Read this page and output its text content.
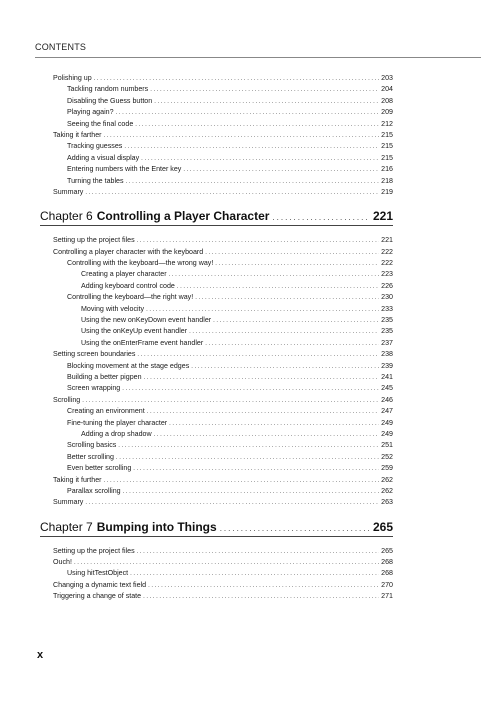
CONTENTS
Polishing up .....	203
Tackling random numbers .....	204
Disabling the Guess button .....	208
Playing again? .....	209
Seeing the final code .....	212
Taking it farther .....	215
Tracking guesses .....	215
Adding a visual display .....	215
Entering numbers with the Enter key .....	216
Turning the tables .....	218
Summary .....	219
Chapter 6 Controlling a Player Character .....	221
Setting up the project files .....	221
Controlling a player character with the keyboard .....	222
Controlling with the keyboard—the wrong way! .....	222
Creating a player character .....	223
Adding keyboard control code .....	226
Controlling the keyboard—the right way! .....	230
Moving with velocity .....	233
Using the new onKeyDown event handler .....	235
Using the onKeyUp event handler .....	235
Using the onEnterFrame event handler .....	237
Setting screen boundaries .....	238
Blocking movement at the stage edges .....	239
Building a better pigpen .....	241
Screen wrapping .....	245
Scrolling .....	246
Creating an environment .....	247
Fine-tuning the player character .....	249
Adding a drop shadow .....	249
Scrolling basics .....	251
Better scrolling .....	252
Even better scrolling .....	259
Taking it further .....	262
Parallax scrolling .....	262
Summary .....	263
Chapter 7 Bumping into Things .....	265
Setting up the project files .....	265
Ouch! .....	268
Using hitTestObject .....	268
Changing a dynamic text field .....	270
Triggering a change of state .....	271
x
